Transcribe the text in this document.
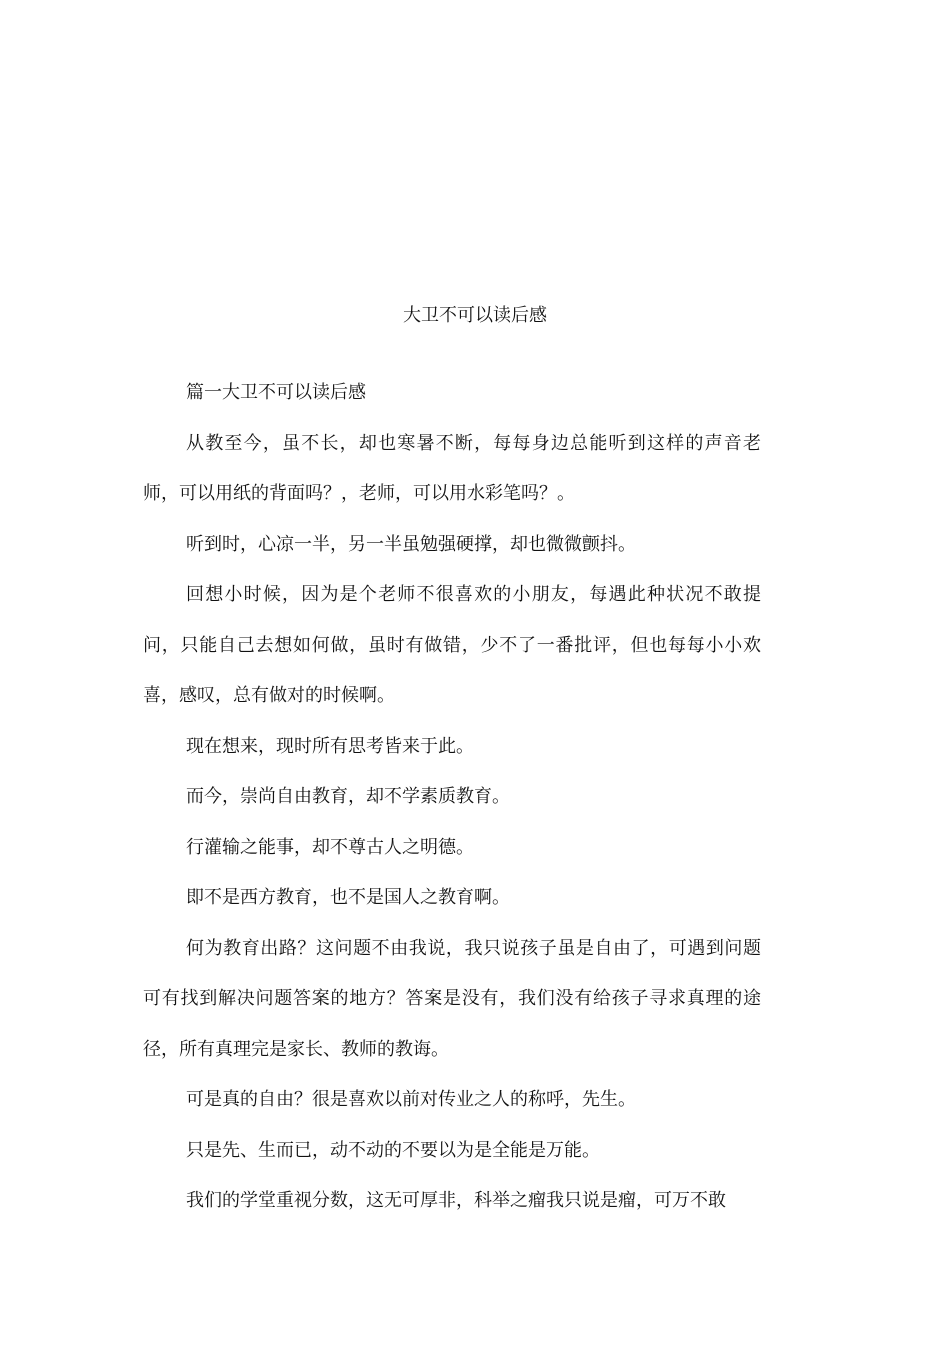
大卫不可以读后感

篇一大卫不可以读后感

从教至今，虽不长，却也寒暑不断，每每身边总能听到这样的声音老师，可以用纸的背面吗？，老师，可以用水彩笔吗？。

听到时，心凉一半，另一半虽勉强硬撑，却也微微颤抖。

回想小时候，因为是个老师不很喜欢的小朋友，每遇此种状况不敢提问，只能自己去想如何做，虽时有做错，少不了一番批评，但也每每小小欢喜，感叹，总有做对的时候啊。

现在想来，现时所有思考皆来于此。

而今，崇尚自由教育，却不学素质教育。

行灌输之能事，却不尊古人之明德。

即不是西方教育，也不是国人之教育啊。

何为教育出路？这问题不由我说，我只说孩子虽是自由了，可遇到问题可有找到解决问题答案的地方？答案是没有，我们没有给孩子寻求真理的途径，所有真理完是家长、教师的教诲。

可是真的自由？很是喜欢以前对传业之人的称呼，先生。

只是先、生而已，动不动的不要以为是全能是万能。

我们的学堂重视分数，这无可厚非，科举之瘤我只说是瘤，可万不敢
